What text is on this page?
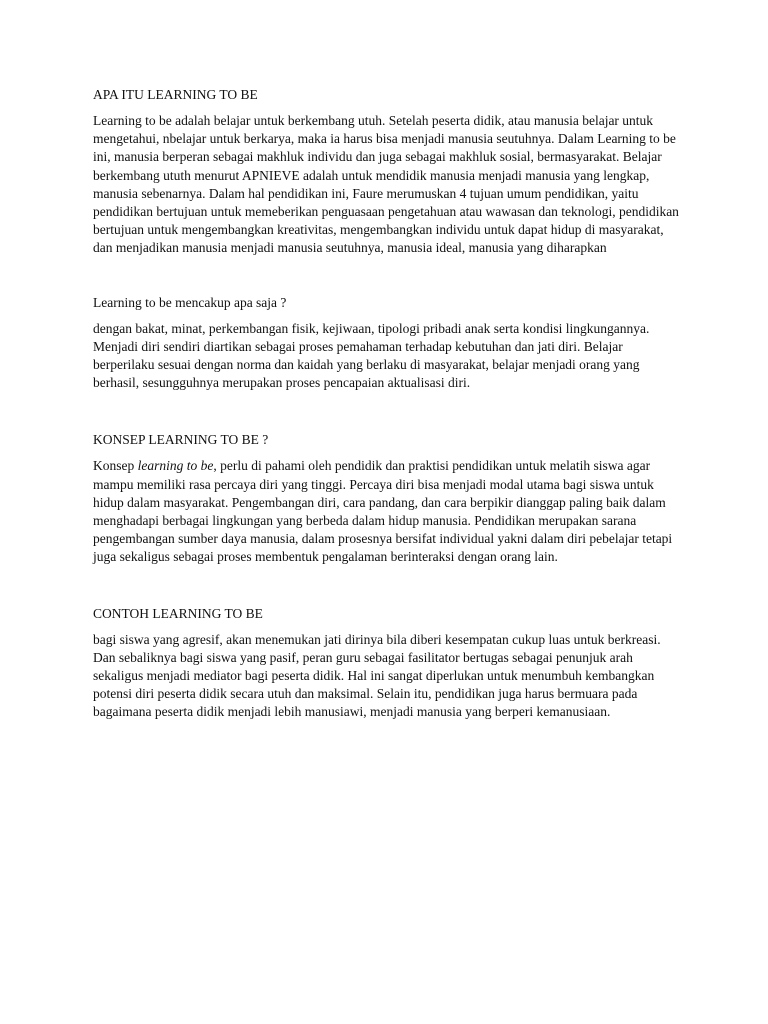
APA ITU LEARNING TO BE

Learning to be adalah belajar untuk berkembang utuh. Setelah peserta didik, atau manusia belajar untuk mengetahui, nbelajar untuk berkarya, maka ia harus bisa menjadi manusia seutuhnya. Dalam Learning to be ini, manusia berperan sebagai makhluk individu dan juga sebagai makhluk sosial, bermasyarakat. Belajar berkembang ututh menurut APNIEVE adalah untuk mendidik manusia menjadi manusia yang lengkap, manusia sebenarnya. Dalam hal pendidikan ini, Faure merumuskan 4 tujuan umum pendidikan, yaitu pendidikan bertujuan untuk memeberikan penguasaan pengetahuan atau wawasan dan teknologi, pendidikan bertujuan untuk mengembangkan kreativitas, mengembangkan individu untuk dapat hidup di masyarakat, dan menjadikan manusia menjadi manusia seutuhnya, manusia ideal, manusia yang diharapkan

Learning to be mencakup apa saja ?

dengan bakat, minat, perkembangan fisik, kejiwaan, tipologi pribadi anak serta kondisi lingkungannya. Menjadi diri sendiri diartikan sebagai proses pemahaman terhadap kebutuhan dan jati diri. Belajar berperilaku sesuai dengan norma dan kaidah yang berlaku di masyarakat, belajar menjadi orang yang berhasil, sesungguhnya merupakan proses pencapaian aktualisasi diri.

KONSEP LEARNING TO BE ?

Konsep learning to be, perlu di pahami oleh pendidik dan praktisi pendidikan untuk melatih siswa agar mampu memiliki rasa percaya diri yang tinggi. Percaya diri bisa menjadi modal utama bagi siswa untuk hidup dalam masyarakat. Pengembangan diri, cara pandang, dan cara berpikir dianggap paling baik dalam menghadapi berbagai lingkungan yang berbeda dalam hidup manusia. Pendidikan merupakan sarana pengembangan sumber daya manusia, dalam prosesnya bersifat individual yakni dalam diri pebelajar tetapi juga sekaligus sebagai proses membentuk pengalaman berinteraksi dengan orang lain.

CONTOH LEARNING TO BE

bagi siswa yang agresif, akan menemukan jati dirinya bila diberi kesempatan cukup luas untuk berkreasi. Dan sebaliknya bagi siswa yang pasif, peran guru sebagai fasilitator bertugas sebagai penunjuk arah sekaligus menjadi mediator bagi peserta didik. Hal ini sangat diperlukan untuk menumbuh kembangkan potensi diri peserta didik secara utuh dan maksimal. Selain itu, pendidikan juga harus bermuara pada bagaimana peserta didik menjadi lebih manusiawi, menjadi manusia yang berperi kemanusiaan.
